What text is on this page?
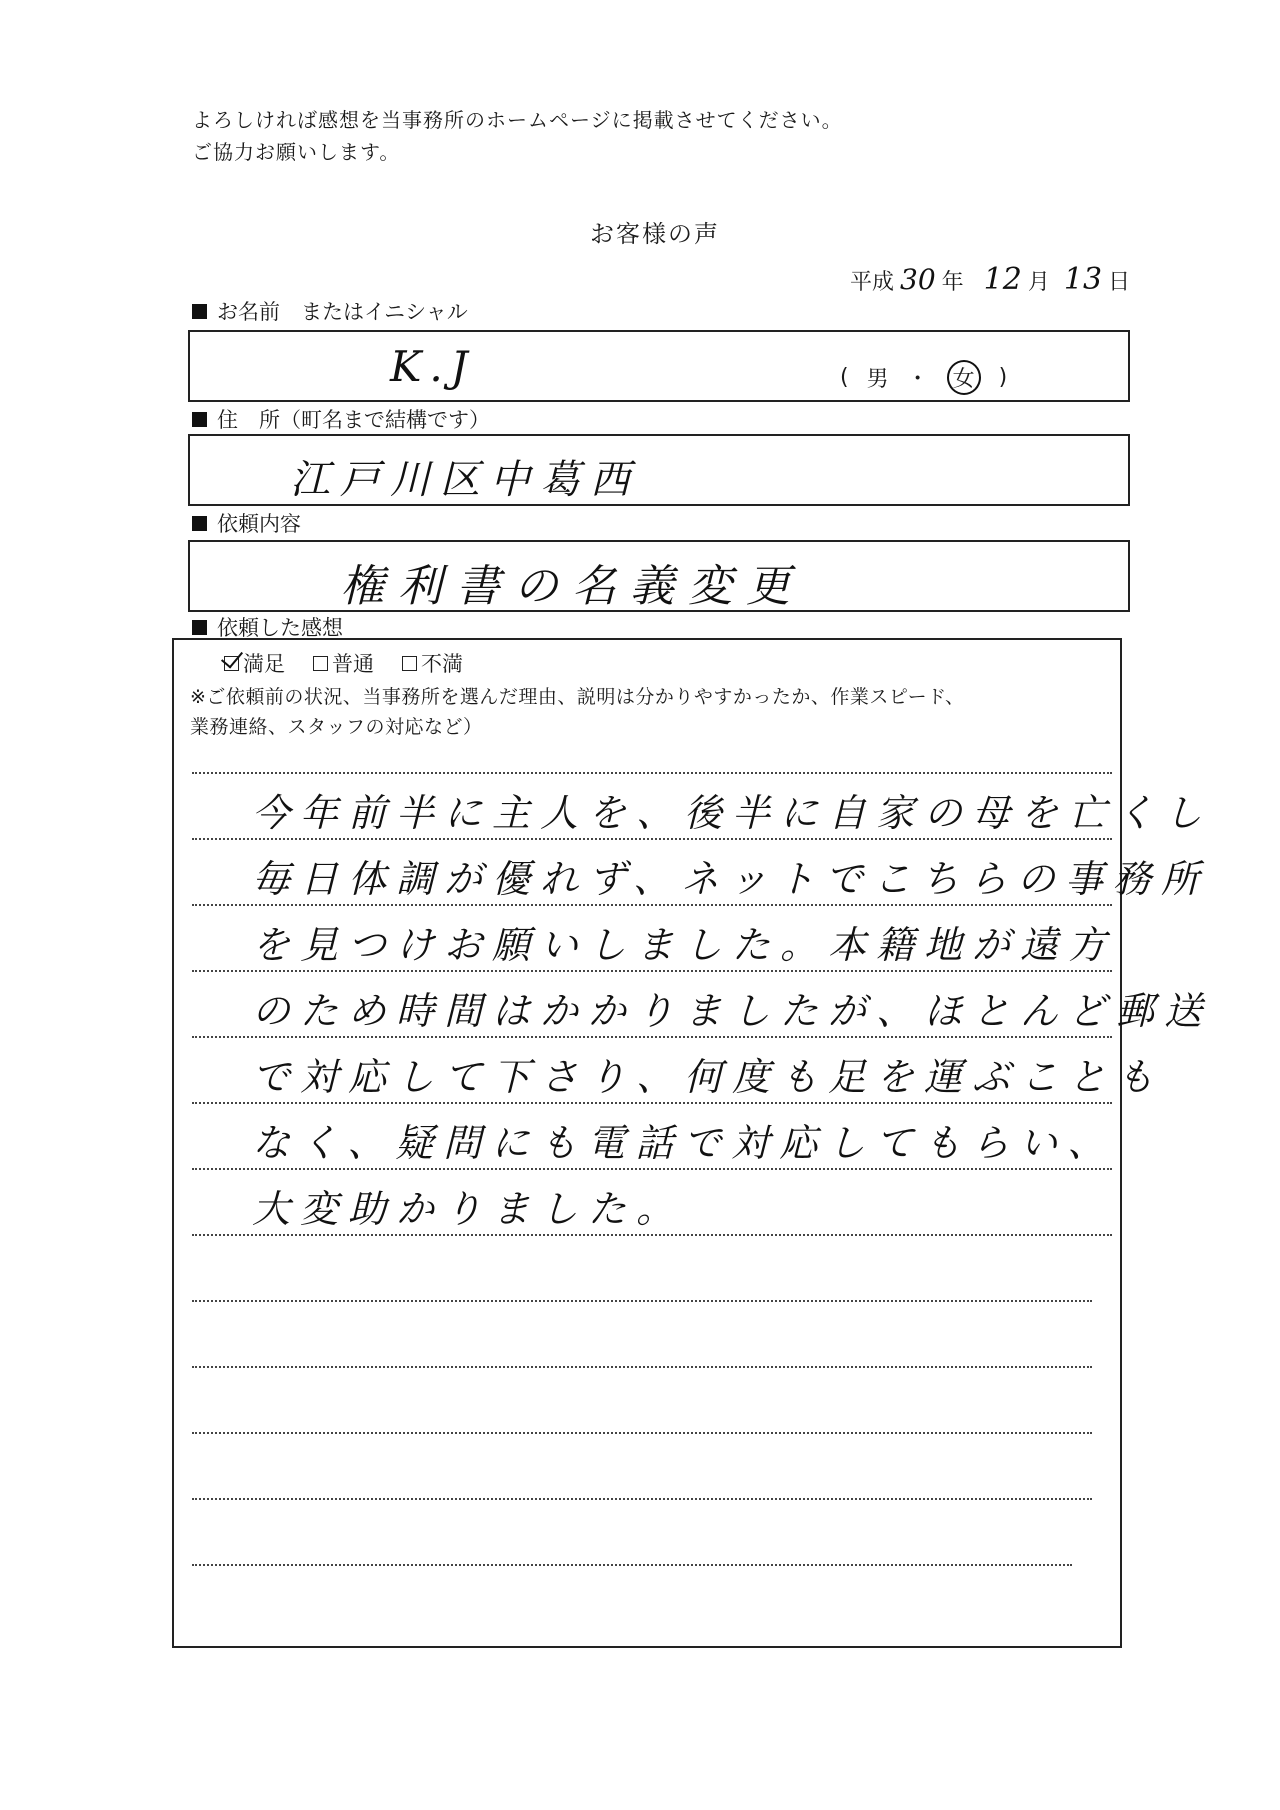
よろしければ感想を当事務所のホームページに掲載させてください。
ご協力お願いします。
お客様の声
平成 30 年 12 月 13 日
お名前　またはイニシャル
K.J	( 男 ・ 女 )
住　所（町名まで結構です）
江戸川区中葛西
依頼内容
権利書の名義変更
依頼した感想
満足 普通 不満
※ご依頼前の状況、当事務所を選んだ理由、説明は分かりやすかったか、作業スピード、
業務連絡、スタッフの対応など）
今年前半に主人を、後半に自家の母を亡くし
毎日体調が優れず、ネットでこちらの事務所
を見つけお願いしました。本籍地が遠方
のため時間はかかりましたが、ほとんど郵送
で対応して下さり、何度も足を運ぶことも
なく、疑問にも電話で対応してもらい、
大変助かりました。
